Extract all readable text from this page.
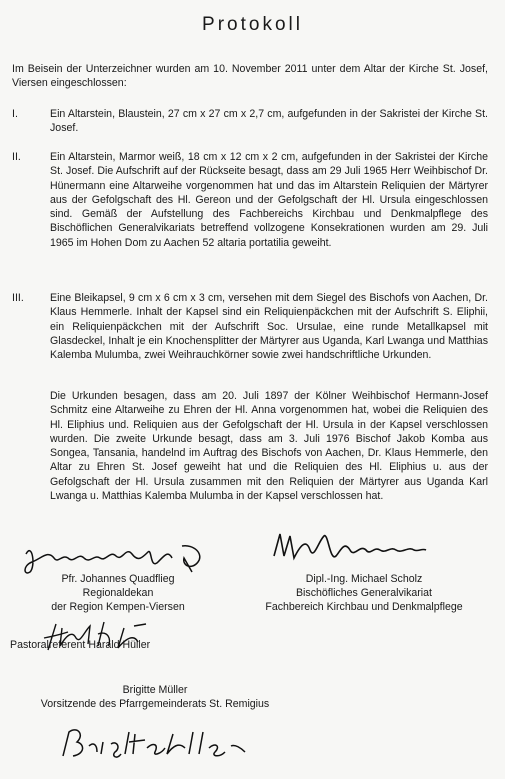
Protokoll

Im Beisein der Unterzeichner wurden am 10. November 2011 unter dem Altar der Kirche St. Josef, Viersen eingeschlossen:

I.	Ein Altarstein, Blaustein, 27 cm x 27 cm x 2,7 cm, aufgefunden in der Sakristei der Kirche St. Josef.
II.	Ein Altarstein, Marmor weiß, 18 cm x 12 cm x 2 cm, aufgefunden in der Sakristei der Kirche St. Josef. Die Aufschrift auf der Rückseite besagt, dass am 29 Juli 1965 Herr Weihbischof Dr. Hünermann eine Altarweihe vorgenommen hat und das im Altarstein Reliquien der Märtyrer aus der Gefolgschaft des Hl. Gereon und der Gefolgschaft der Hl. Ursula eingeschlossen sind. Gemäß der Aufstellung des Fachbereichs Kirchbau und Denkmalpflege des Bischöflichen Generalvikariats betreffend vollzogene Konsekrationen wurden am 29. Juli 1965 im Hohen Dom zu Aachen 52 altaria portatilia geweiht.
III.	Eine Bleikapsel, 9 cm x 6 cm x 3 cm, versehen mit dem Siegel des Bischofs von Aachen, Dr. Klaus Hemmerle. Inhalt der Kapsel sind ein Reliquienpäckchen mit der Aufschrift S. Eliphii, ein Reliquienpäckchen mit der Aufschrift Soc. Ursulae, eine runde Metallkapsel mit Glasdeckel, Inhalt je ein Knochensplitter der Märtyrer aus Uganda, Karl Lwanga und Matthias Kalemba Mulumba, zwei Weihrauchkörner sowie zwei handschriftliche Urkunden.
Die Urkunden besagen, dass am 20. Juli 1897 der Kölner Weihbischof Hermann-Josef Schmitz eine Altarweihe zu Ehren der Hl. Anna vorgenommen hat, wobei die Reliquien des Hl. Eliphius und. Reliquien aus der Gefolgschaft der Hl. Ursula in der Kapsel verschlossen wurden. Die zweite Urkunde besagt, dass am 3. Juli 1976 Bischof Jakob Komba aus Songea, Tansania, handelnd im Auftrag des Bischofs von Aachen, Dr. Klaus Hemmerle, den Altar zu Ehren St. Josef geweiht hat und die Reliquien des Hl. Eliphius u. aus der Gefolgschaft der Hl. Ursula zusammen mit den Reliquien der Märtyrer aus Uganda Karl Lwanga u. Matthias Kalemba Mulumba in der Kapsel verschlossen hat.
Pfr. Johannes Quadflieg
Regionaldekan
der Region Kempen-Viersen
Dipl.-Ing. Michael Scholz
Bischöfliches Generalvikariat
Fachbereich Kirchbau und Denkmalpflege
Pastoralreferent Harald Hüller
Brigitte Müller
Vorsitzende des Pfarrgemeinderats St. Remigius
